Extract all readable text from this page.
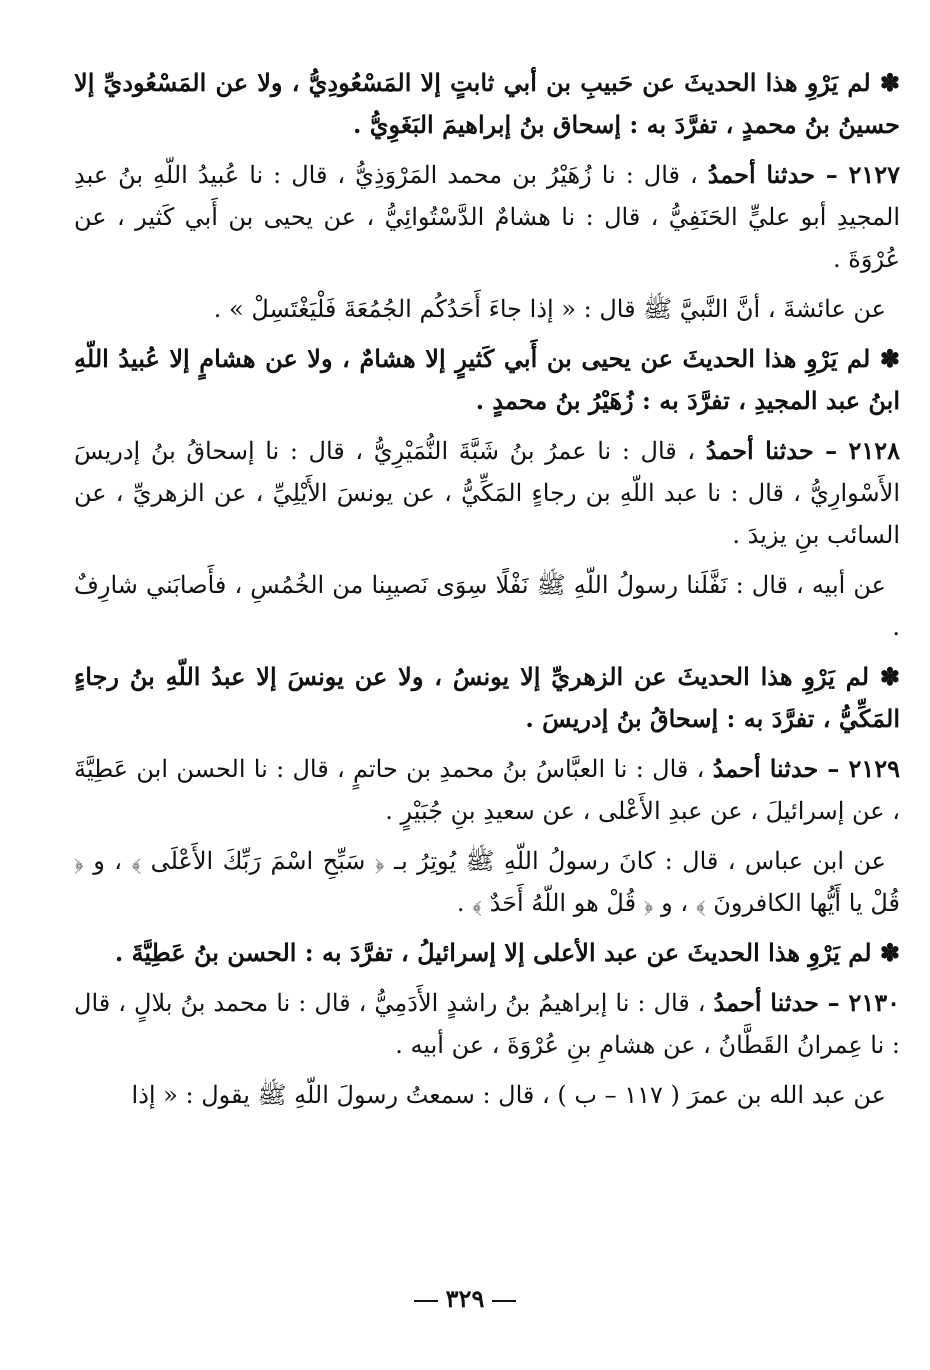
✽ لم يَرْوِ هذا الحديثَ عن حَبيبِ بن أبي ثابتٍ إلا المَسْعُودِيُّ ، ولا عن المَسْعُوديِّ إلا حسينُ بنُ محمدٍ ، تفرَّدَ به : إسحاق بنُ إبراهيمَ البَغَوِيُّ .

٢١٢٧ – حدثنا أحمدُ ، قال : نا زُهَيْرُ بن محمد المَرْوَذِيُّ ، قال : نا عُبيدُ اللّهِ بنُ عبدِ المجيدِ أبو عليٍّ الحَنَفِيُّ ، قال : نا هشامٌ الدَّسْتُوائِيُّ ، عن يحيى بن أَبي كَثير ، عن عُرْوَةَ .

عن عائشةَ ، أنَّ النَّبيَّ ﷺ قال : « إذا جاءَ أَحَدُكُم الجُمُعَةَ فَلْيَغْتَسِلْ » .

✽ لم يَرْوِ هذا الحديثَ عن يحيى بن أَبي كَثيرٍ إلا هشامٌ ، ولا عن هشامٍ إلا عُبيدُ اللّهِ ابنُ عبد المجيدِ ، تفرَّدَ به : زُهَيْرُ بنُ محمدٍ .

٢١٢٨ – حدثنا أحمدُ ، قال : نا عمرُ بنُ شَبَّةَ النُّمَيْرِيُّ ، قال : نا إسحاقُ بنُ إدريسَ الأَسْوارِيُّ ، قال : نا عبد اللّهِ بن رجاءٍ المَكِّيُّ ، عن يونسَ الأَيْلِيِّ ، عن الزهريِّ ، عن السائب بنِ يزيدَ .

عن أبيه ، قال : نَفَّلَنا رسولُ اللّهِ ﷺ نَفْلًا سِوَى نَصيبِنا من الخُمُسِ ، فأَصابَني شارِفٌ .

✽ لم يَرْوِ هذا الحديثَ عن الزهريِّ إلا يونسُ ، ولا عن يونسَ إلا عبدُ اللّهِ بنُ رجاءٍ المَكِّيُّ ، تفرَّدَ به : إسحاقُ بنُ إدريسَ .

٢١٢٩ – حدثنا أحمدُ ، قال : نا العبَّاسُ بنُ محمدِ بن حاتمٍ ، قال : نا الحسن ابن عَطِيَّةَ ، عن إسرائيلَ ، عن عبدِ الأَعْلى ، عن سعيدِ بنِ جُبَيْرٍ .

عن ابن عباس ، قال : كانَ رسولُ اللّهِ ﷺ يُوتِرُ بـ ﴿ سَبِّحِ اسْمَ رَبِّكَ الأَعْلَى ﴾ ، و ﴿ قُلْ يا أَيُّها الكافرونَ ﴾ ، و ﴿ قُلْ هو اللّهُ أَحَدٌ ﴾ .

✽ لم يَرْوِ هذا الحديثَ عن عبد الأعلى إلا إسرائيلُ ، تفرَّدَ به : الحسن بنُ عَطِيَّةَ .

٢١٣٠ – حدثنا أحمدُ ، قال : نا إبراهيمُ بنُ راشدٍ الأَدَمِيُّ ، قال : نا محمد بنُ بلالٍ ، قال : نا عِمرانُ القَطَّانُ ، عن هشامِ بنِ عُرْوَةَ ، عن أبيه .

عن عبد الله بن عمرَ ( ١١٧ – ب ) ، قال : سمعتُ رسولَ اللّهِ ﷺ يقول : « إذا

٣٢٩
